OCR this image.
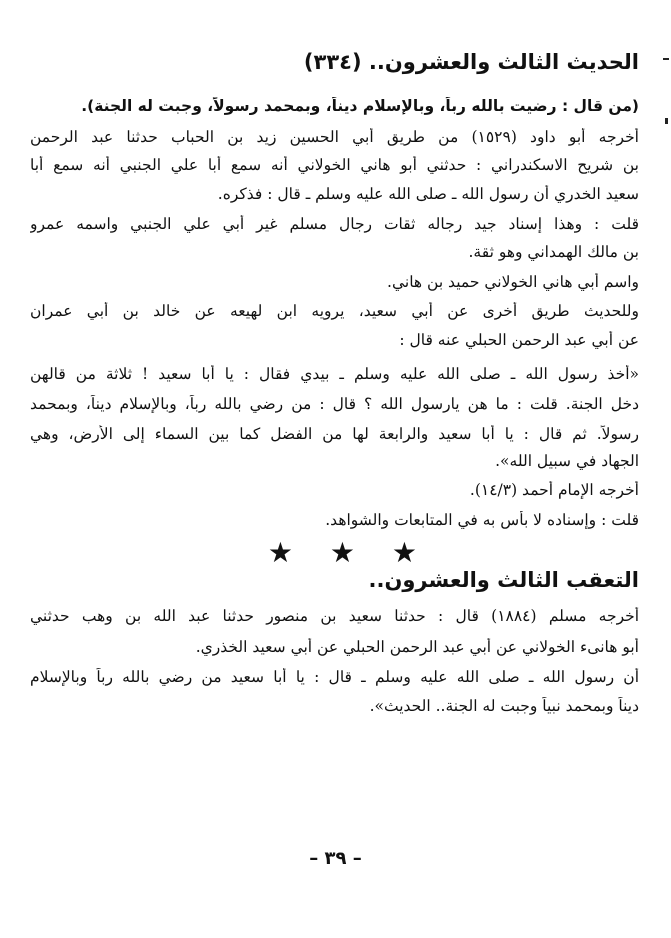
الحديث الثالث والعشرون.. (٣٣٤)
(من قال : رضيت بالله رباً، وبالإسلام ديناً، وبمحمد رسولاً، وجبت له الجنة).
أخرجه أبو داود (١٥٢٩) من طريق أبي الحسين زيد بن الحباب حدثنا عبد الرحمن
بن شريح الاسكندراني : حدثني أبو هاني الخولاني أنه سمع أبا علي الجنبي أنه سمع أبا
سعيد الخدري أن رسول الله ـ صلى الله عليه وسلم ـ قال : فذكره.
قلت : وهذا إسناد جيد رجاله ثقات رجال مسلم غير أبي علي الجنبي واسمه عمرو
بن مالك الهمداني وهو ثقة.
واسم أبي هاني الخولاني حميد بن هاني.
وللحديث طريق أخرى عن أبي سعيد، يرويه ابن لهيعه عن خالد بن أبي عمران
عن أبي عبد الرحمن الحبلي عنه قال :
«أخذ رسول الله ـ صلى الله عليه وسلم ـ بيدي فقال : يا أبا سعيد ! ثلاثة من قالهن
دخل الجنة. قلت : ما هن يارسول الله ؟ قال : من رضي بالله رباً، وبالإسلام ديناً، وبمحمد
رسولاً. ثم قال : يا أبا سعيد والرابعة لها من الفضل كما بين السماء إلى الأرض، وهي
الجهاد في سبيل الله».
أخرجه الإمام أحمد (١٤/٣).
قلت : وإسناده لا بأس به في المتابعات والشواهد.
★ ★ ★
التعقب الثالث والعشرون..
أخرجه مسلم (١٨٨٤) قال : حدثنا سعيد بن منصور حدثنا عبد الله بن وهب حدثني
أبو هانىء الخولاني عن أبي عبد الرحمن الحبلي عن أبي سعيد الخذري.
أن رسول الله ـ صلى الله عليه وسلم ـ قال : يا أبا سعيد من رضي بالله رباً وبالإسلام
ديناً وبمحمد نبياً وجبت له الجنة.. الحديث».
– ٣٩ –
